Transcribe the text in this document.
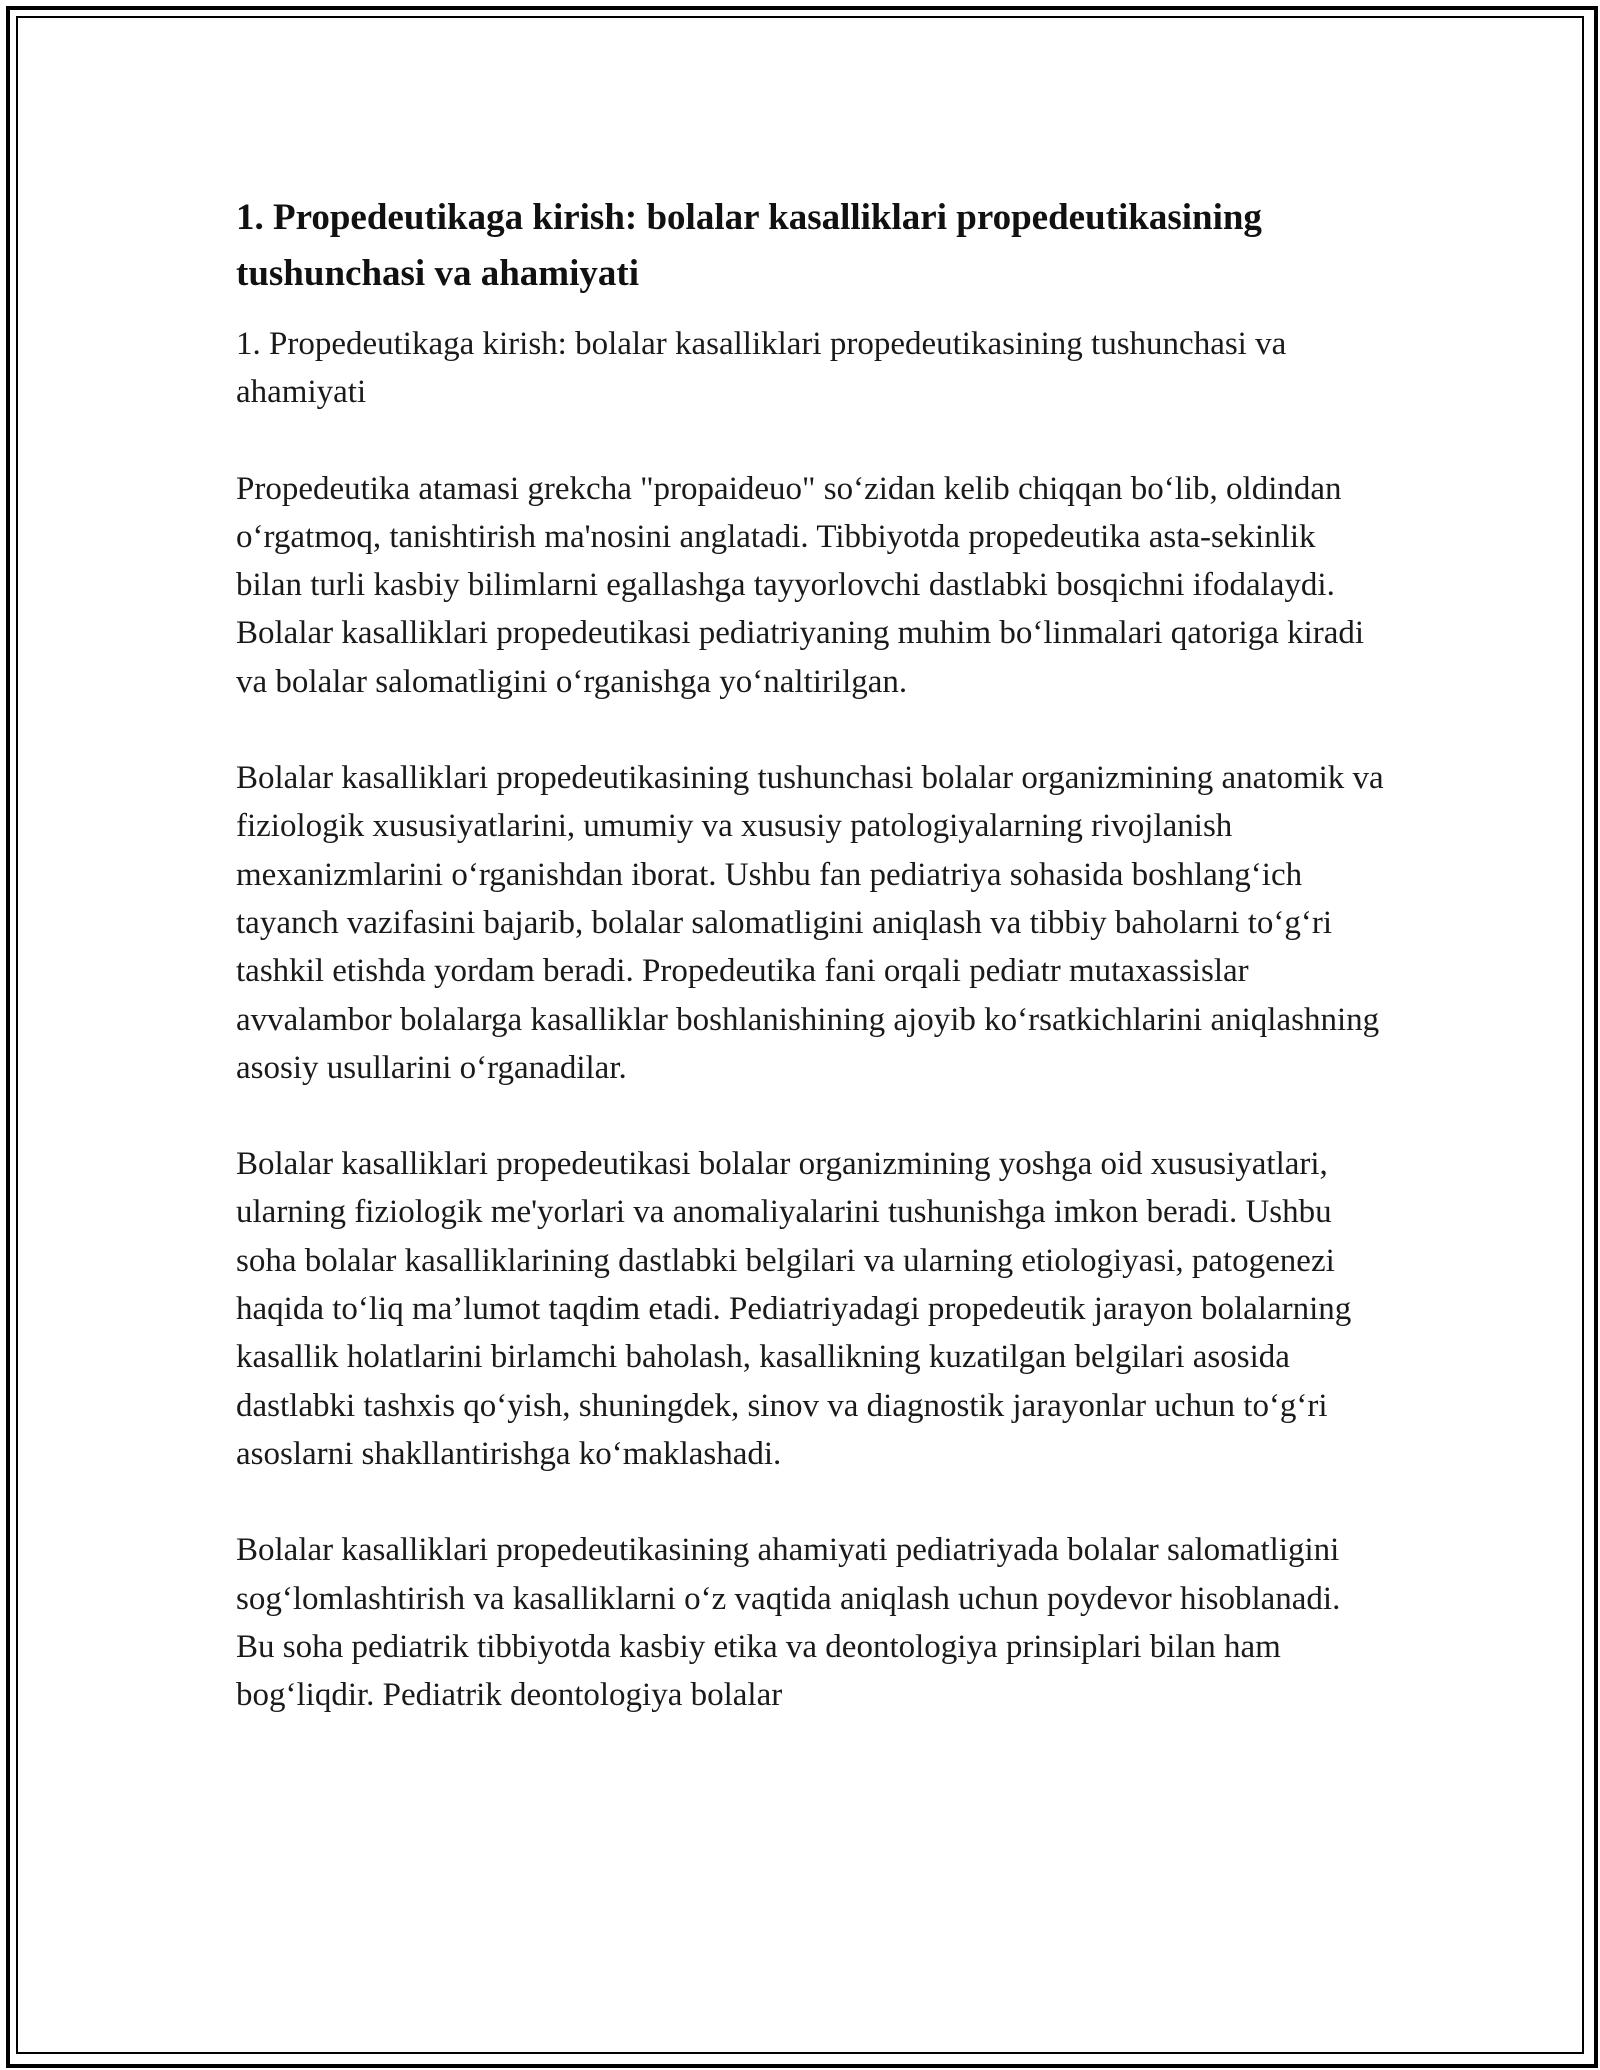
1. Propedeutikaga kirish: bolalar kasalliklari propedeutikasining tushunchasi va ahamiyati

1. Propedeutikaga kirish: bolalar kasalliklari propedeutikasining tushunchasi va ahamiyati

Propedeutika atamasi grekcha "propaideuo" so‘zidan kelib chiqqan bo‘lib, oldindan o‘rgatmoq, tanishtirish ma'nosini anglatadi. Tibbiyotda propedeutika asta-sekinlik bilan turli kasbiy bilimlarni egallashga tayyorlovchi dastlabki bosqichni ifodalaydi. Bolalar kasalliklari propedeutikasi pediatriyaning muhim bo‘linmalari qatoriga kiradi va bolalar salomatligini o‘rganishga yo‘naltirilgan.

Bolalar kasalliklari propedeutikasining tushunchasi bolalar organizmining anatomik va fiziologik xususiyatlarini, umumiy va xususiy patologiyalarning rivojlanish mexanizmlarini o‘rganishdan iborat. Ushbu fan pediatriya sohasida boshlang‘ich tayanch vazifasini bajarib, bolalar salomatligini aniqlash va tibbiy baholarni to‘g‘ri tashkil etishda yordam beradi. Propedeutika fani orqali pediatr mutaxassislar avvalambor bolalarga kasalliklar boshlanishining ajoyib ko‘rsatkichlarini aniqlashning asosiy usullarini o‘rganadilar.

Bolalar kasalliklari propedeutikasi bolalar organizmining yoshga oid xususiyatlari, ularning fiziologik me'yorlari va anomaliyalarini tushunishga imkon beradi. Ushbu soha bolalar kasalliklarining dastlabki belgilari va ularning etiologiyasi, patogenezi haqida to‘liq ma’lumot taqdim etadi. Pediatriyadagi propedeutik jarayon bolalarning kasallik holatlarini birlamchi baholash, kasallikning kuzatilgan belgilari asosida dastlabki tashxis qo‘yish, shuningdek, sinov va diagnostik jarayonlar uchun to‘g‘ri asoslarni shakllantirishga ko‘maklashadi.

Bolalar kasalliklari propedeutikasining ahamiyati pediatriyada bolalar salomatligini sog‘lomlashtirish va kasalliklarni o‘z vaqtida aniqlash uchun poydevor hisoblanadi. Bu soha pediatrik tibbiyotda kasbiy etika va deontologiya prinsiplari bilan ham bog‘liqdir. Pediatrik deontologiya bolalar
